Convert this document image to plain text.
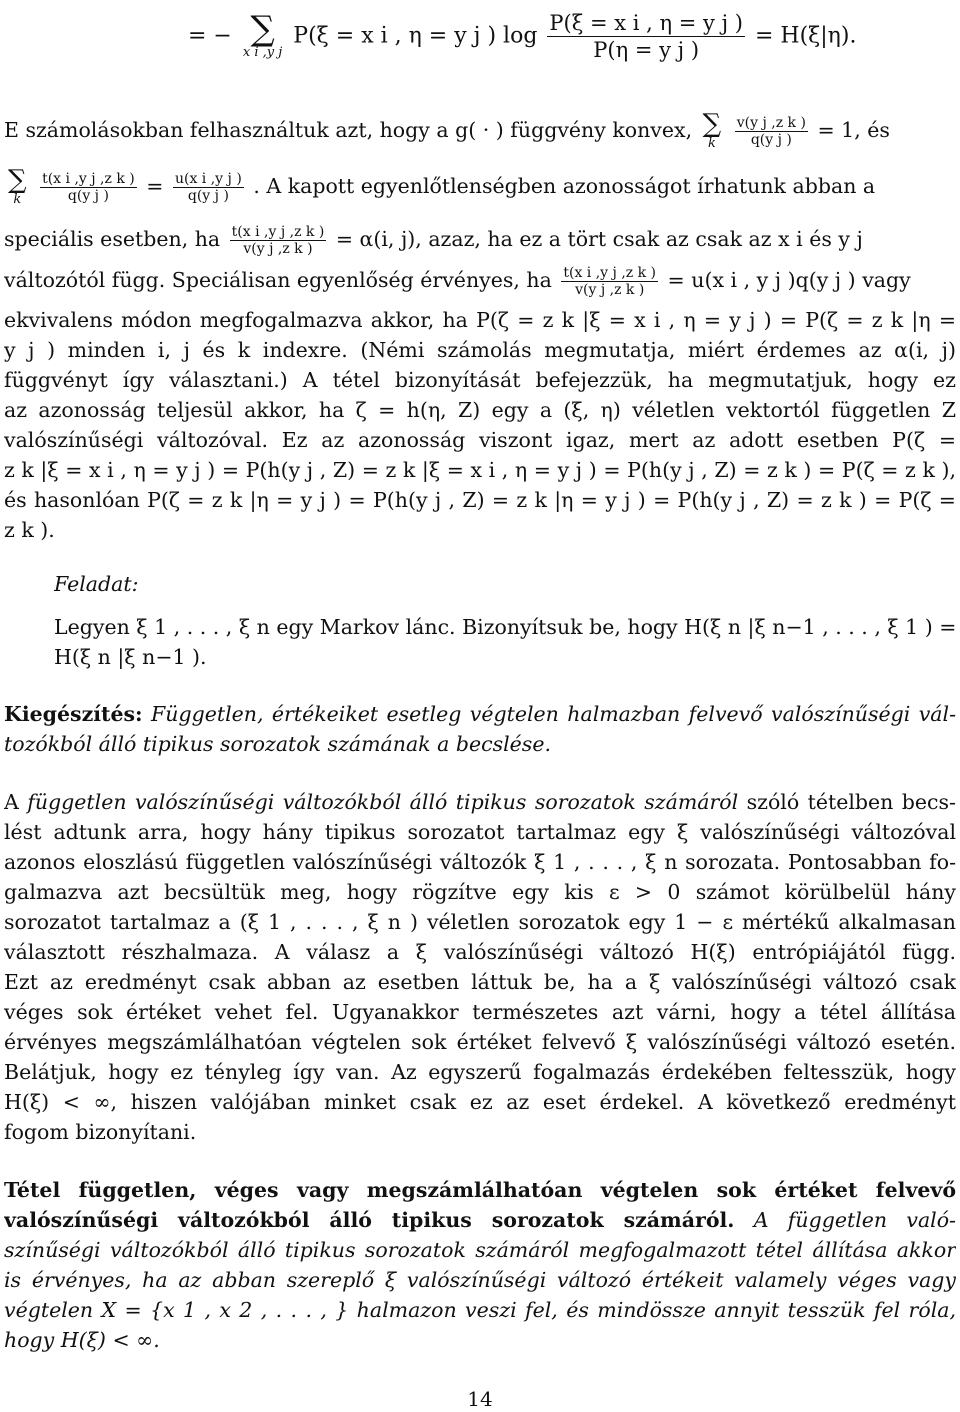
= − ∑
x i ,y j
P(ξ = x i , η = y j ) $\log \frac{\text{P(ξ = x i , η = y j )}}{\text{P(η = y j )}} = H(\xi|\eta)$.
E számolásokban felhasználtuk azt, hogy a g( · ) függvény konvex, ∑
k
$\frac{\text{v(y j ,z k )}}{\text{q(y j )}} = 1$, és
∑
k
$\frac{\text{t(x i ,y j ,z k )}}{\text{q(y j )}} = \frac{\text{u(x i ,y j )}}{\text{q(y j )}}$ . A kapott egyenlőtlenségben azonosságot írhatunk abban a
speciális esetben, ha $\frac{\text{t(x i ,y j ,z k )}}{\text{v(y j ,z k )}} = \alpha(i$, j), azaz, ha ez a tört csak az csak az x i és y j
változótól függ. Speciálisan egyenlőség érvényes, ha $\frac{\text{t(x i ,y j ,z k )}}{\text{v(y j ,z k )}} = u(x$ i , y j )q(y j ) vagy
ekvivalens módon megfogalmazva akkor, ha P(ζ = z k |ξ = x i , η = y j ) = P(ζ = z k |η =
y j ) minden i, j és k indexre. (Némi számolás megmutatja, miért érdemes az α(i, j)
függvényt így választani.) A tétel bizonyítását befejezzük, ha megmutatjuk, hogy ez
az azonosság teljesül akkor, ha ζ = h(η, Z) egy a (ξ, η) véletlen vektortól független Z
valószínűségi változóval. Ez az azonosság viszont igaz, mert az adott esetben P(ζ =
z k |ξ = x i , η = y j ) = P(h(y j , Z) = z k |ξ = x i , η = y j ) = P(h(y j , Z) = z k ) = P(ζ = z k ),
és hasonlóan P(ζ = z k |η = y j ) = P(h(y j , Z) = z k |η = y j ) = P(h(y j , Z) = z k ) = P(ζ =
z k ).
Feladat:
Legyen ξ 1 , . . . , ξ n egy Markov lánc. Bizonyítsuk be, hogy H(ξ n |ξ n−1 , . . . , ξ 1 ) =
H(ξ n |ξ n−1 ).
Kiegészítés: Független, értékeiket esetleg végtelen halmazban felvevő valószínűségi vál-
tozókból álló tipikus sorozatok számának a becslése.
A független valószínűségi változókból álló tipikus sorozatok számáról szóló tételben becs-
lést adtunk arra, hogy hány tipikus sorozatot tartalmaz egy ξ valószínűségi változóval
azonos eloszlású független valószínűségi változók ξ 1 , . . . , ξ n sorozata. Pontosabban fo-
galmazva azt becsültük meg, hogy rögzítve egy kis ε > 0 számot körülbelül hány
sorozatot tartalmaz a (ξ 1 , . . . , ξ n ) véletlen sorozatok egy 1 − ε mértékű alkalmasan
választott részhalmaza. A válasz a ξ valószínűségi változó H(ξ) entrópiájától függ.
Ezt az eredményt csak abban az esetben láttuk be, ha a ξ valószínűségi változó csak
véges sok értéket vehet fel. Ugyanakkor természetes azt várni, hogy a tétel állítása
érvényes megszámlálhatóan végtelen sok értéket felvevő ξ valószínűségi változó esetén.
Belátjuk, hogy ez tényleg így van. Az egyszerű fogalmazás érdekében feltesszük, hogy
H(ξ) < ∞, hiszen valójában minket csak ez az eset érdekel. A következő eredményt
fogom bizonyítani.
Tétel független, véges vagy megszámlálhatóan végtelen sok értéket felvevő
valószínűségi változókból álló tipikus sorozatok számáról. A független való-
színűségi változókból álló tipikus sorozatok számáról megfogalmazott tétel állítása akkor
is érvényes, ha az abban szereplő ξ valószínűségi változó értékeit valamely véges vagy
végtelen X = {x 1 , x 2 , . . . , } halmazon veszi fel, és mindössze annyit tesszük fel róla,
hogy H(ξ) < ∞.
14
